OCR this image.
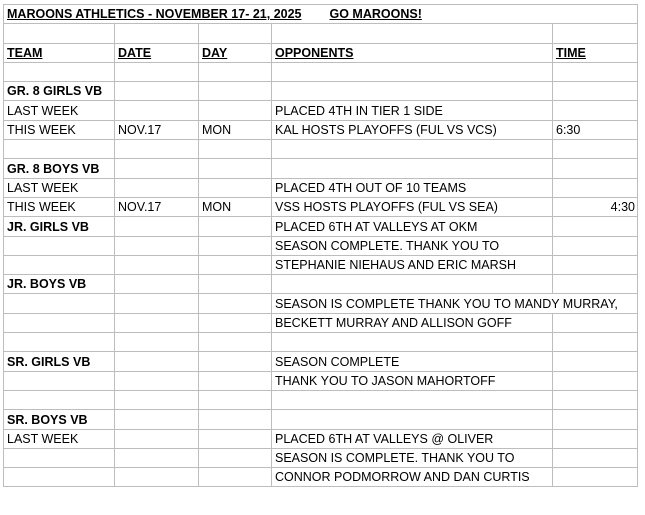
MAROONS ATHLETICS - NOVEMBER 17- 21, 2025 GO MAROONS!				

TEAM	DATE	DAY	OPPONENTS	TIME

GR. 8 GIRLS VB				
LAST WEEK			PLACED 4TH IN TIER 1 SIDE	
THIS WEEK	NOV.17	MON	KAL HOSTS PLAYOFFS (FUL VS VCS)	6:30

GR. 8 BOYS VB				
LAST WEEK			PLACED 4TH OUT OF 10 TEAMS	
THIS WEEK	NOV.17	MON	VSS HOSTS PLAYOFFS (FUL VS SEA)	4:30
JR. GIRLS VB			PLACED 6TH AT VALLEYS AT OKM	
			SEASON COMPLETE. THANK YOU TO	
			STEPHANIE NIEHAUS AND ERIC MARSH	
JR. BOYS VB				
			SEASON IS COMPLETE THANK YOU TO MANDY MURRAY,	
			BECKETT MURRAY AND ALLISON GOFF	

SR. GIRLS VB			SEASON COMPLETE	
			THANK YOU TO JASON MAHORTOFF	

SR. BOYS VB				
LAST WEEK			PLACED 6TH AT VALLEYS @ OLIVER	
			SEASON IS COMPLETE. THANK YOU TO	
			CONNOR PODMORROW AND DAN CURTIS	
